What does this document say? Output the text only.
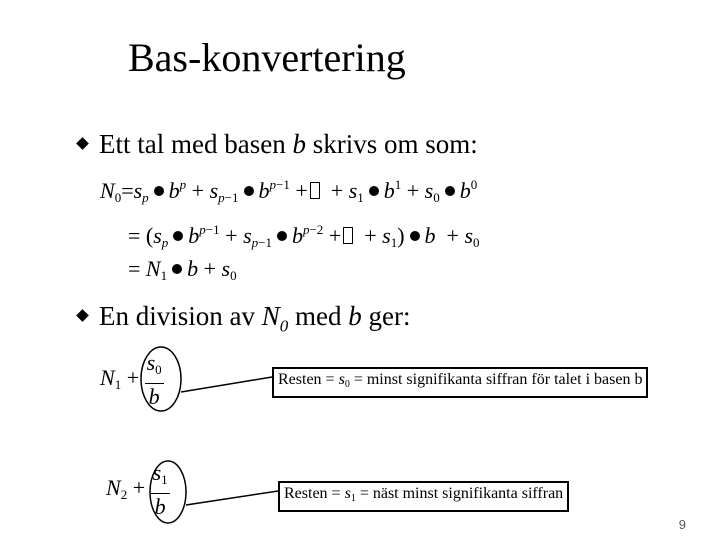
Bas-konvertering
Ett tal med basen b skrivs om som:
$N_0=s_p$ $b^p + s_{p-1}$ $b^{p-1}$ +  + $s_1$ $b^1 + s_0$ $b^0$
= ($s_p$ $b^{p-1} + s_{p-1}$ $b^{p-2}$ +  + $s_1$) $b + s_0$
= $N_1$ $b + s_0$
En division av $N_0$ med b ger:
$N_1 + \frac{s_0}{b}$
$N_2 + \frac{s_1}{b}$
Resten = $s_0$ = minst signifikanta siffran för talet i basen b
Resten = $s_1$ = näst minst signifikanta siffran
9
